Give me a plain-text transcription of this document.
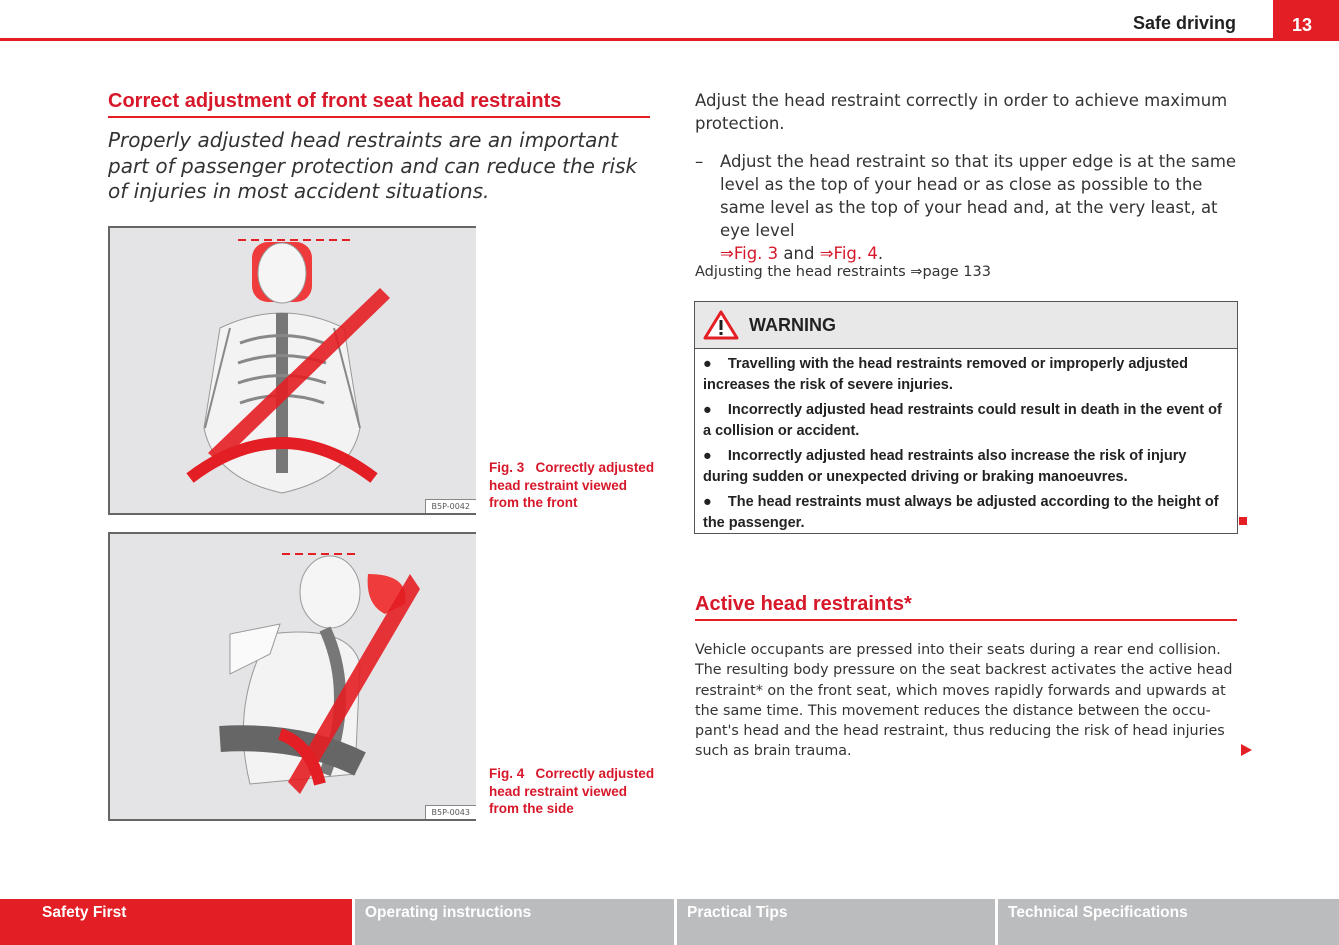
Safe driving	13
Correct adjustment of front seat head restraints
Properly adjusted head restraints are an important part of passenger protection and can reduce the risk of injuries in most accident situations.
B5P-0042
Fig. 3 Correctly adjusted head restraint viewed from the front
B5P-0043
Fig. 4 Correctly adjusted head restraint viewed from the side
Adjust the head restraint correctly in order to achieve maximum protection.
–	Adjust the head restraint so that its upper edge is at the same level as the top of your head or as close as possible to the same level as the top of your head and, at the very least, at eye level
⇒Fig. 3 and ⇒Fig. 4.
Adjusting the head restraints ⇒page 133
WARNING
●    Travelling with the head restraints removed or improperly adjusted increases the risk of severe injuries.
●    Incorrectly adjusted head restraints could result in death in the event of a collision or accident.
●    Incorrectly adjusted head restraints also increase the risk of injury during sudden or unexpected driving or braking manoeuvres.
●    The head restraints must always be adjusted according to the height of the passenger.
Active head restraints*
Vehicle occupants are pressed into their seats during a rear end collision. The resulting body pressure on the seat backrest activates the active head restraint* on the front seat, which moves rapidly forwards and upwards at the same time. This movement reduces the distance between the occu-pant's head and the head restraint, thus reducing the risk of head injuries such as brain trauma.
Safety First	Operating instructions	Practical Tips	Technical Specifications
